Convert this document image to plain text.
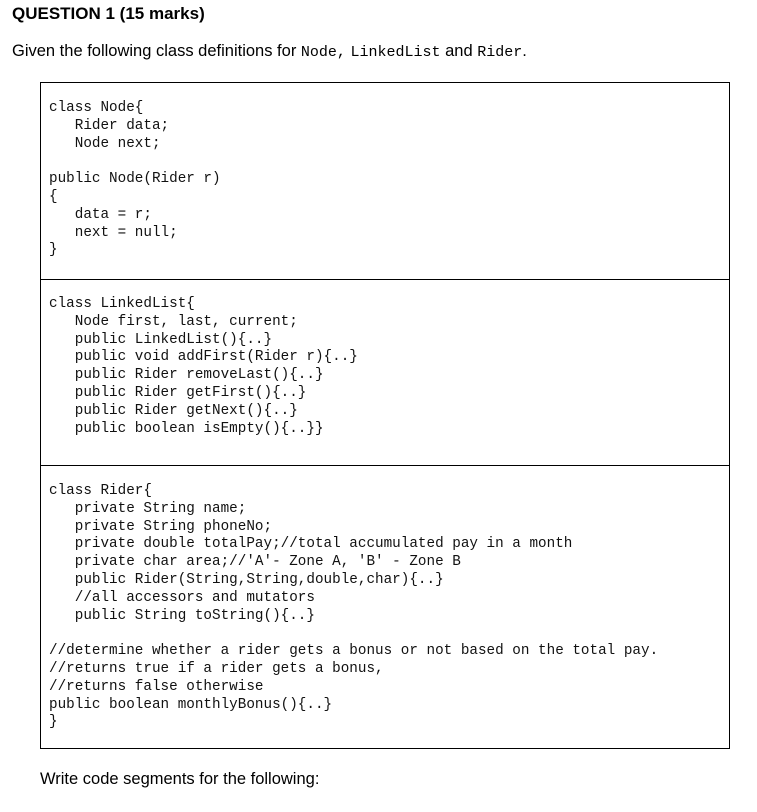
QUESTION 1 (15 marks)
Given the following class definitions for Node, LinkedList and Rider.
class Node{
Rider data;
Node next;

public Node(Rider r)
{
data = r;
next = null;
}
class LinkedList{
Node first, last, current;
public LinkedList(){..}
public void addFirst(Rider r){..}
public Rider removeLast(){..}
public Rider getFirst(){..}
public Rider getNext(){..}
public boolean isEmpty(){..}}
class Rider{
private String name;
private String phoneNo;
private double totalPay;//total accumulated pay in a month
private char area;//'A'- Zone A, 'B' - Zone B
public Rider(String,String,double,char){..}
//all accessors and mutators
public String toString(){..}

//determine whether a rider gets a bonus or not based on the total pay.
//returns true if a rider gets a bonus,
//returns false otherwise
public boolean monthlyBonus(){..}
}
Write code segments for the following:
